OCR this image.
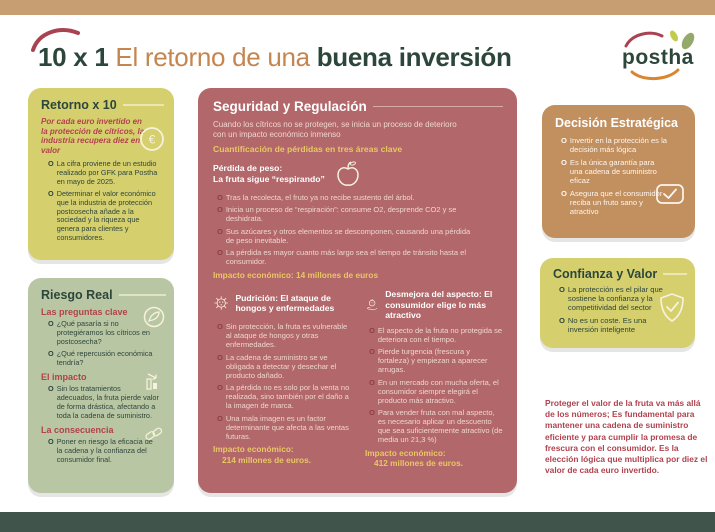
10 x 1 El retorno de una buena inversión	postha
Retorno x 10
Por cada euro invertido en la protección de cítricos, la industria recupera diez en valor
€
O La cifra proviene de un estudio realizado por GFK para Postha en mayo de 2025.
O Determinar el valor económico que la industria de protección postcosecha añade a la sociedad y la riqueza que genera para clientes y consumidores.
Riesgo Real
Las preguntas clave
O ¿Qué pasaría si no protegiéramos los cítricos en postcosecha?
O ¿Qué repercusión económica tendría?
El impacto
O Sin los tratamientos adecuados, la fruta pierde valor de forma drástica, afectando a toda la cadena de suministro.
La consecuencia
O Poner en riesgo la eficacia de la cadena y la confianza del consumidor final.
Seguridad y Regulación
Cuando los cítricos no se protegen, se inicia un proceso de deterioro con un impacto económico inmenso
Cuantificación de pérdidas en tres áreas clave
Pérdida de peso:
La fruta sigue “respirando”
O Tras la recolecta, el fruto ya no recibe sustento del árbol.
O Inicia un proceso de “respiración”: consume O2, desprende CO2 y se deshidrata.
O Sus azúcares y otros elementos se descomponen, causando una pérdida de peso inevitable.
O La pérdida es mayor cuanto más largo sea el tiempo de tránsito hasta el consumidor.
Impacto económico: 14 millones de euros
Pudrición: El ataque de hongos y enfermedades
O Sin protección, la fruta es vulnerable al ataque de hongos y otras enfermedades.
O La cadena de suministro se ve obligada a detectar y desechar el producto dañado.
O La pérdida no es solo por la venta no realizada, sino también por el daño a la imagen de marca.
O Una mala imagen es un factor determinante que afecta a las ventas futuras.
Impacto económico:
214 millones de euros.
Desmejora del aspecto: El consumidor elige lo más atractivo
O El aspecto de la fruta no protegida se deteriora con el tiempo.
O Pierde turgencia (frescura y fortaleza) y empiezan a aparecer arrugas.
O En un mercado con mucha oferta, el consumidor siempre elegirá el producto más atractivo.
O Para vender fruta con mal aspecto, es necesario aplicar un descuento que sea suficientemente atractivo (de media un 21,3 %)
Impacto económico:
412 millones de euros.
Decisión Estratégica
O Invertir en la protección es la decisión más lógica
O Es la única garantía para una cadena de suministro eficaz
O Asegura que el consumidor reciba un fruto sano y atractivo
Confianza y Valor
O La protección es el pilar que sostiene la confianza y la competitividad del sector
O No es un coste. Es una inversión inteligente
Proteger el valor de la fruta va más allá de los números; Es fundamental para mantener una cadena de suministro eficiente y para cumplir la promesa de frescura con el consumidor. Es la elección lógica que multiplica por diez el valor de cada euro invertido.
